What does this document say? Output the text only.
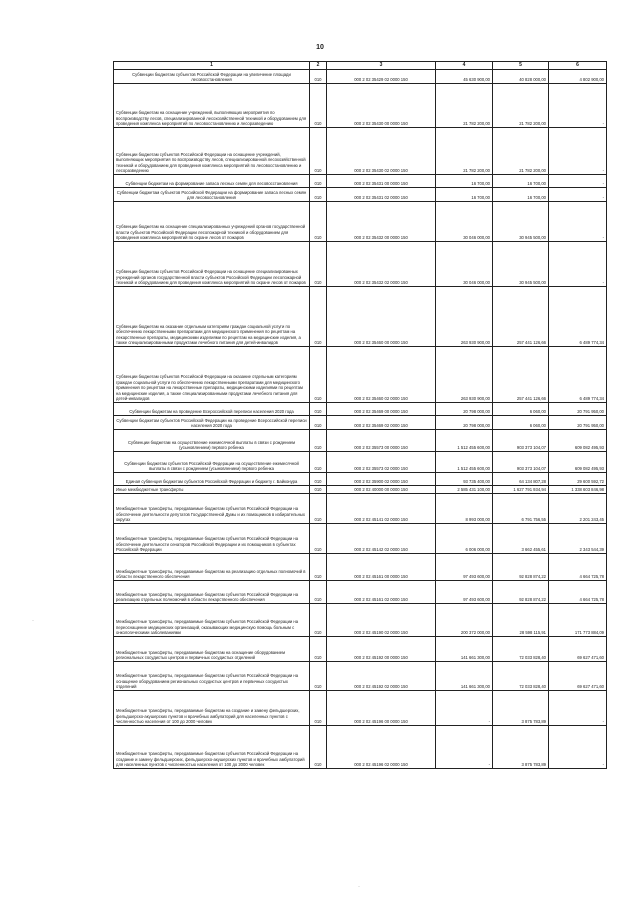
10
1	2	3	4	5	6
Субвенции бюджетам субъектов Российской Федерации на увеличение площади лесовосстановления	010	000 2 02 35429 02 0000 150	45 630 900,00	40 828 000,00	4 802 900,00
Субвенции бюджетам на оснащение учреждений, выполняющих мероприятия по воспроизводству лесов, специализированной лесохозяйственной техникой и оборудованием для проведения комплекса мероприятий по лесовосстановлению и лесоразведению	010	000 2 02 35430 00 0000 150	21 782 200,00	21 782 200,00	-
Субвенции бюджетам субъектов Российской Федерации на оснащение учреждений, выполняющих мероприятия по воспроизводству лесов, специализированной лесохозяйственной техникой и оборудованием для проведения комплекса мероприятий по лесовосстановлению и лесоразведению	010	000 2 02 35430 02 0000 150	21 782 200,00	21 782 200,00	-
Субвенции бюджетам на формирование запаса лесных семян для лесовосстановления	010	000 2 02 35431 00 0000 150	16 700,00	16 700,00	-
Субвенции бюджетам субъектов Российской Федерации на формирование запаса лесных семян для лесовосстановления	010	000 2 02 35431 02 0000 150	16 700,00	16 700,00	-
Субвенции бюджетам на оснащение специализированных учреждений органов государственной власти субъектов Российской Федерации лесопожарной техникой и оборудованием для проведения комплекса мероприятий по охране лесов от пожаров	010	000 2 02 35432 00 0000 150	30 046 000,00	30 945 500,00	-
Субвенции бюджетам субъектов Российской Федерации на оснащение специализированных учреждений органов государственной власти субъектов Российской Федерации лесопожарной техникой и оборудованием для проведения комплекса мероприятий по охране лесов от пожаров	010	000 2 02 35432 02 0000 150	30 046 000,00	30 945 500,00	-
Субвенции бюджетам на оказание отдельным категориям граждан социальной услуги по обеспечению лекарственными препаратами для медицинского применения по рецептам на лекарственные препараты, медицинскими изделиями по рецептам на медицинские изделия, а также специализированными продуктами лечебного питания для детей-инвалидов	010	000 2 02 35460 00 0000 150	263 930 900,00	257 441 126,66	6 489 774,34
Субвенции бюджетам субъектов Российской Федерации на оказание отдельным категориям граждан социальной услуги по обеспечению лекарственными препаратами для медицинского применения по рецептам на лекарственные препараты, медицинскими изделиями по рецептам на медицинские изделия, а также специализированными продуктами лечебного питания для детей-инвалидов	010	000 2 02 35460 02 0000 150	263 930 900,00	257 441 126,66	6 489 774,34
Субвенции бюджетам на проведение Всероссийской переписи населения 2020 года	010	000 2 02 35469 00 0000 150	20 798 000,00	6 060,00	20 791 950,00
Субвенции бюджетам субъектов Российской Федерации на проведение Всероссийской переписи населения 2020 года	010	000 2 02 35469 02 0000 150	20 798 000,00	6 060,00	20 791 950,00
Субвенции бюджетам на осуществление ежемесячной выплаты в связи с рождением (усыновлением) первого ребенка	010	000 2 02 35573 00 0000 150	1 512 455 600,00	903 373 104,07	609 082 495,93
Субвенции бюджетам субъектов Российской Федерации на осуществление ежемесячной выплаты в связи с рождением (усыновлением) первого ребенка	010	000 2 02 35573 02 0000 150	1 512 455 600,00	903 373 104,07	609 082 495,93
Единая субвенция бюджетам субъектов Российской Федерации и бюджету г. Байконура	010	000 2 02 35900 02 0000 150	93 735 400,00	64 134 807,28	29 600 592,72
Иные межбюджетные трансферты	010	000 2 02 40000 00 0000 150	2 585 431 100,00	1 627 791 934,94	1 338 603 846,98
Межбюджетные трансферты, передаваемые бюджетам субъектов Российской Федерации на обеспечение деятельности депутатов Государственной Думы и их помощников в избирательных округах	010	000 2 02 45141 02 0000 150	8 993 000,00	6 791 756,55	2 201 243,45
Межбюджетные трансферты, передаваемые бюджетам субъектов Российской Федерации на обеспечение деятельности сенаторов Российской Федерации и их помощников в субъектах Российской Федерации	010	000 2 02 45142 02 0000 150	6 006 000,00	3 662 455,61	2 343 544,39
Межбюджетные трансферты, передаваемые бюджетам на реализацию отдельных полномочий в области лекарственного обеспечения	010	000 2 02 45161 00 0000 150	97 493 600,00	92 828 874,22	4 664 725,78
Межбюджетные трансферты, передаваемые бюджетам субъектов Российской Федерации на реализацию отдельных полномочий в области лекарственного обеспечения	010	000 2 02 45161 02 0000 150	97 493 600,00	92 828 874,22	4 664 725,78
Межбюджетные трансферты, передаваемые бюджетам субъектов Российской Федерации на переоснащение медицинских организаций, оказывающих медицинскую помощь больным с онкологическими заболеваниями	010	000 2 02 45190 02 0000 150	200 372 000,00	28 598 115,91	171 773 884,09
Межбюджетные трансферты, передаваемые бюджетам на оснащение оборудованием региональных сосудистых центров и первичных сосудистых отделений	010	000 2 02 45192 00 0000 150	141 661 300,00	72 033 828,40	69 627 471,60
Межбюджетные трансферты, передаваемые бюджетам субъектов Российской Федерации на оснащение оборудованием региональных сосудистых центров и первичных сосудистых отделений	010	000 2 02 45192 02 0000 150	141 661 300,00	72 033 828,40	69 627 471,60
Межбюджетные трансферты, передаваемые бюджетам на создание и замену фельдшерских, фельдшерско-акушерских пунктов и врачебных амбулаторий для населенных пунктов с численностью населения от 100 до 2000 человек	010	000 2 02 45196 00 0000 150	-	3 875 783,89	-
Межбюджетные трансферты, передаваемые бюджетам субъектов Российской Федерации на создание и замену фельдшерских, фельдшерско-акушерских пунктов и врачебных амбулаторий для населенных пунктов с численностью населения от 100 до 2000 человек	010	000 2 02 45196 02 0000 150	-	3 875 783,89	-
·
·
